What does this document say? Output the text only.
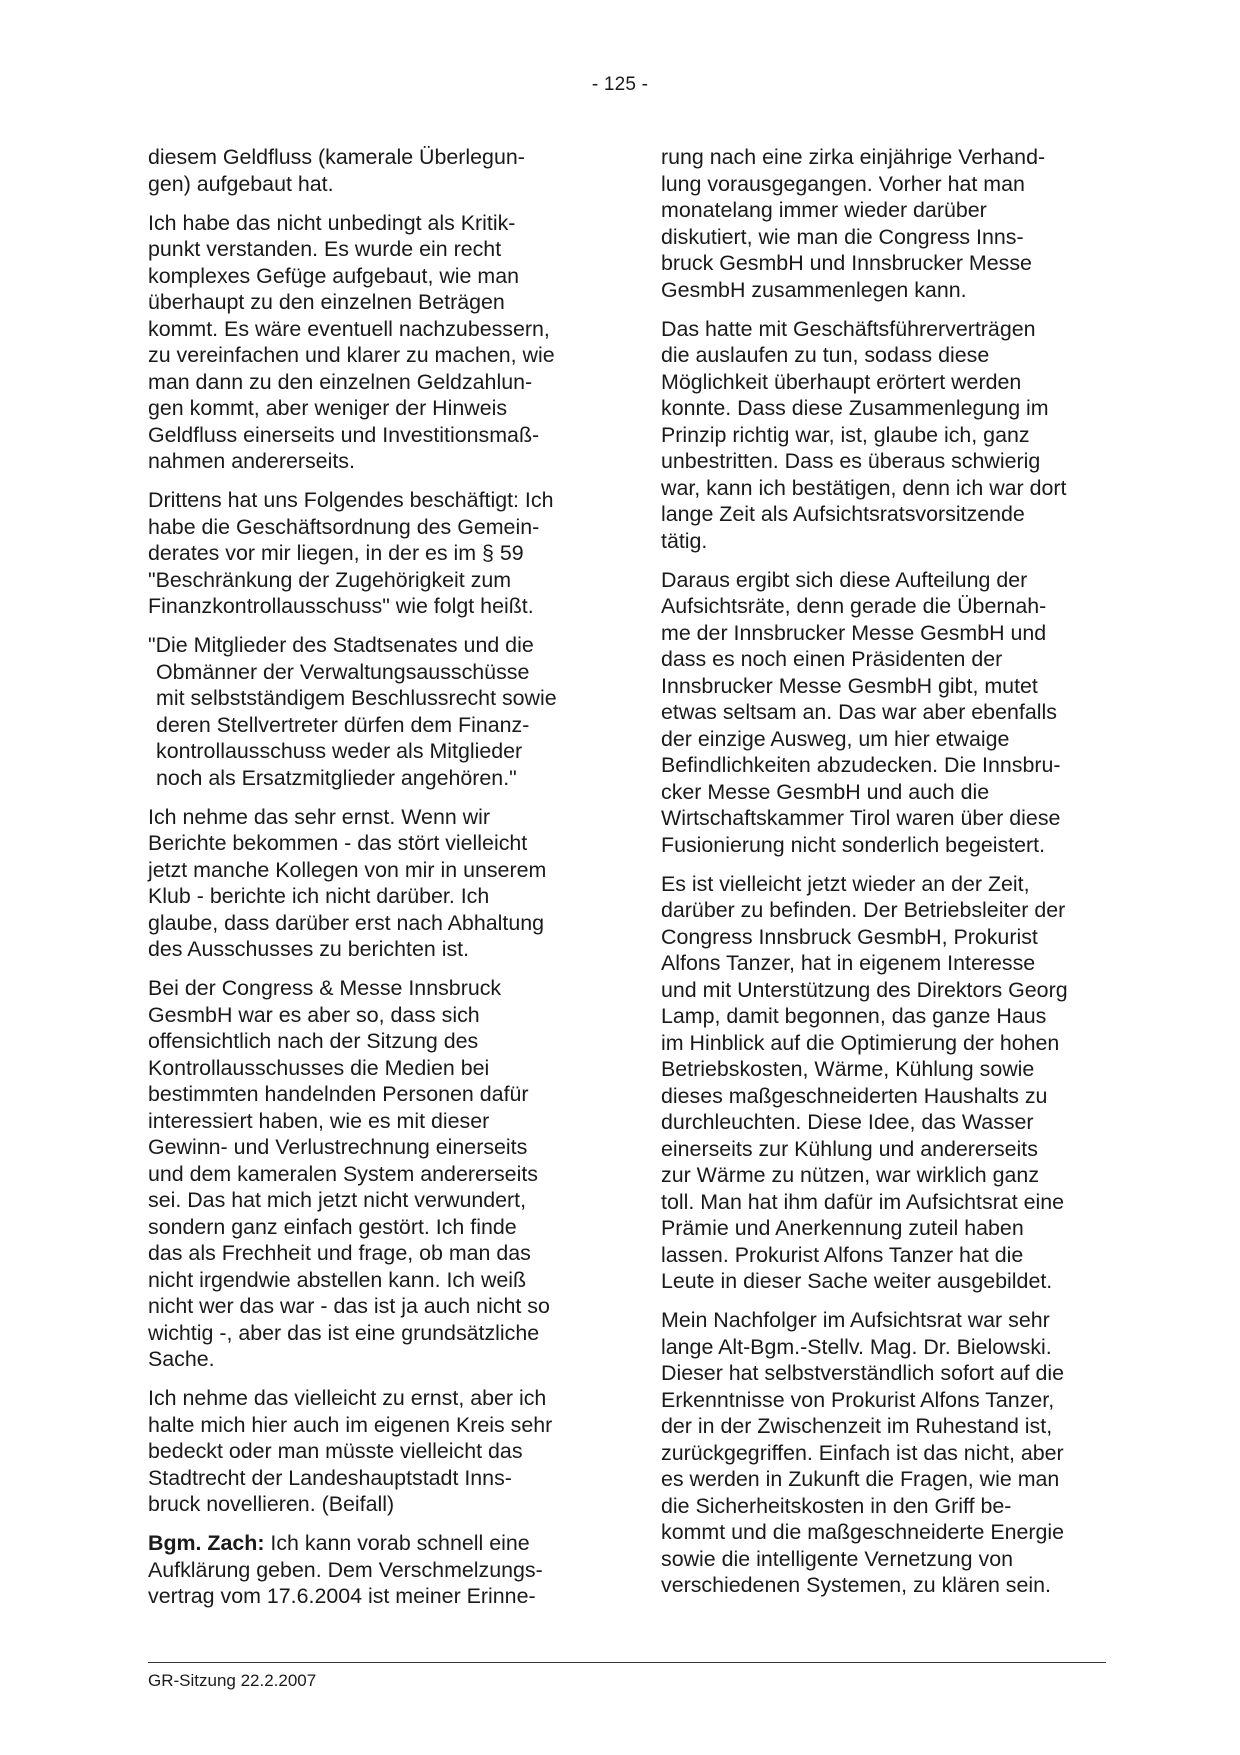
- 125 -

diesem Geldfluss (kamerale Überlegun-
gen) aufgebaut hat.

Ich habe das nicht unbedingt als Kritik-
punkt verstanden. Es wurde ein recht
komplexes Gefüge aufgebaut, wie man
überhaupt zu den einzelnen Beträgen
kommt. Es wäre eventuell nachzubessern,
zu vereinfachen und klarer zu machen, wie
man dann zu den einzelnen Geldzahlun-
gen kommt, aber weniger der Hinweis
Geldfluss einerseits und Investitionsmaß-
nahmen andererseits.

Drittens hat uns Folgendes beschäftigt: Ich
habe die Geschäftsordnung des Gemein-
derates vor mir liegen, in der es im § 59
"Beschränkung der Zugehörigkeit zum
Finanzkontrollausschuss" wie folgt heißt.

"Die Mitglieder des Stadtsenates und die
Obmänner der Verwaltungsausschüsse
mit selbstständigem Beschlussrecht sowie
deren Stellvertreter dürfen dem Finanz-
kontrollausschuss weder als Mitglieder
noch als Ersatzmitglieder angehören."

Ich nehme das sehr ernst. Wenn wir
Berichte bekommen - das stört vielleicht
jetzt manche Kollegen von mir in unserem
Klub - berichte ich nicht darüber. Ich
glaube, dass darüber erst nach Abhaltung
des Ausschusses zu berichten ist.

Bei der Congress & Messe Innsbruck
GesmbH war es aber so, dass sich
offensichtlich nach der Sitzung des
Kontrollausschusses die Medien bei
bestimmten handelnden Personen dafür
interessiert haben, wie es mit dieser
Gewinn- und Verlustrechnung einerseits
und dem kameralen System andererseits
sei. Das hat mich jetzt nicht verwundert,
sondern ganz einfach gestört. Ich finde
das als Frechheit und frage, ob man das
nicht irgendwie abstellen kann. Ich weiß
nicht wer das war - das ist ja auch nicht so
wichtig -, aber das ist eine grundsätzliche
Sache.

Ich nehme das vielleicht zu ernst, aber ich
halte mich hier auch im eigenen Kreis sehr
bedeckt oder man müsste vielleicht das
Stadtrecht der Landeshauptstadt Inns-
bruck novellieren. (Beifall)

Bgm. Zach: Ich kann vorab schnell eine
Aufklärung geben. Dem Verschmelzungs-
vertrag vom 17.6.2004 ist meiner Erinne-

rung nach eine zirka einjährige Verhand-
lung vorausgegangen. Vorher hat man
monatelang immer wieder darüber
diskutiert, wie man die Congress Inns-
bruck GesmbH und Innsbrucker Messe
GesmbH zusammenlegen kann.

Das hatte mit Geschäftsführerverträgen
die auslaufen zu tun, sodass diese
Möglichkeit überhaupt erörtert werden
konnte. Dass diese Zusammenlegung im
Prinzip richtig war, ist, glaube ich, ganz
unbestritten. Dass es überaus schwierig
war, kann ich bestätigen, denn ich war dort
lange Zeit als Aufsichtsratsvorsitzende
tätig.

Daraus ergibt sich diese Aufteilung der
Aufsichtsräte, denn gerade die Übernah-
me der Innsbrucker Messe GesmbH und
dass es noch einen Präsidenten der
Innsbrucker Messe GesmbH gibt, mutet
etwas seltsam an. Das war aber ebenfalls
der einzige Ausweg, um hier etwaige
Befindlichkeiten abzudecken. Die Innsbru-
cker Messe GesmbH und auch die
Wirtschaftskammer Tirol waren über diese
Fusionierung nicht sonderlich begeistert.

Es ist vielleicht jetzt wieder an der Zeit,
darüber zu befinden. Der Betriebsleiter der
Congress Innsbruck GesmbH, Prokurist
Alfons Tanzer, hat in eigenem Interesse
und mit Unterstützung des Direktors Georg
Lamp, damit begonnen, das ganze Haus
im Hinblick auf die Optimierung der hohen
Betriebskosten, Wärme, Kühlung sowie
dieses maßgeschneiderten Haushalts zu
durchleuchten. Diese Idee, das Wasser
einerseits zur Kühlung und andererseits
zur Wärme zu nützen, war wirklich ganz
toll. Man hat ihm dafür im Aufsichtsrat eine
Prämie und Anerkennung zuteil haben
lassen. Prokurist Alfons Tanzer hat die
Leute in dieser Sache weiter ausgebildet.

Mein Nachfolger im Aufsichtsrat war sehr
lange Alt-Bgm.-Stellv. Mag. Dr. Bielowski.
Dieser hat selbstverständlich sofort auf die
Erkenntnisse von Prokurist Alfons Tanzer,
der in der Zwischenzeit im Ruhestand ist,
zurückgegriffen. Einfach ist das nicht, aber
es werden in Zukunft die Fragen, wie man
die Sicherheitskosten in den Griff be-
kommt und die maßgeschneiderte Energie
sowie die intelligente Vernetzung von
verschiedenen Systemen, zu klären sein.

GR-Sitzung 22.2.2007
